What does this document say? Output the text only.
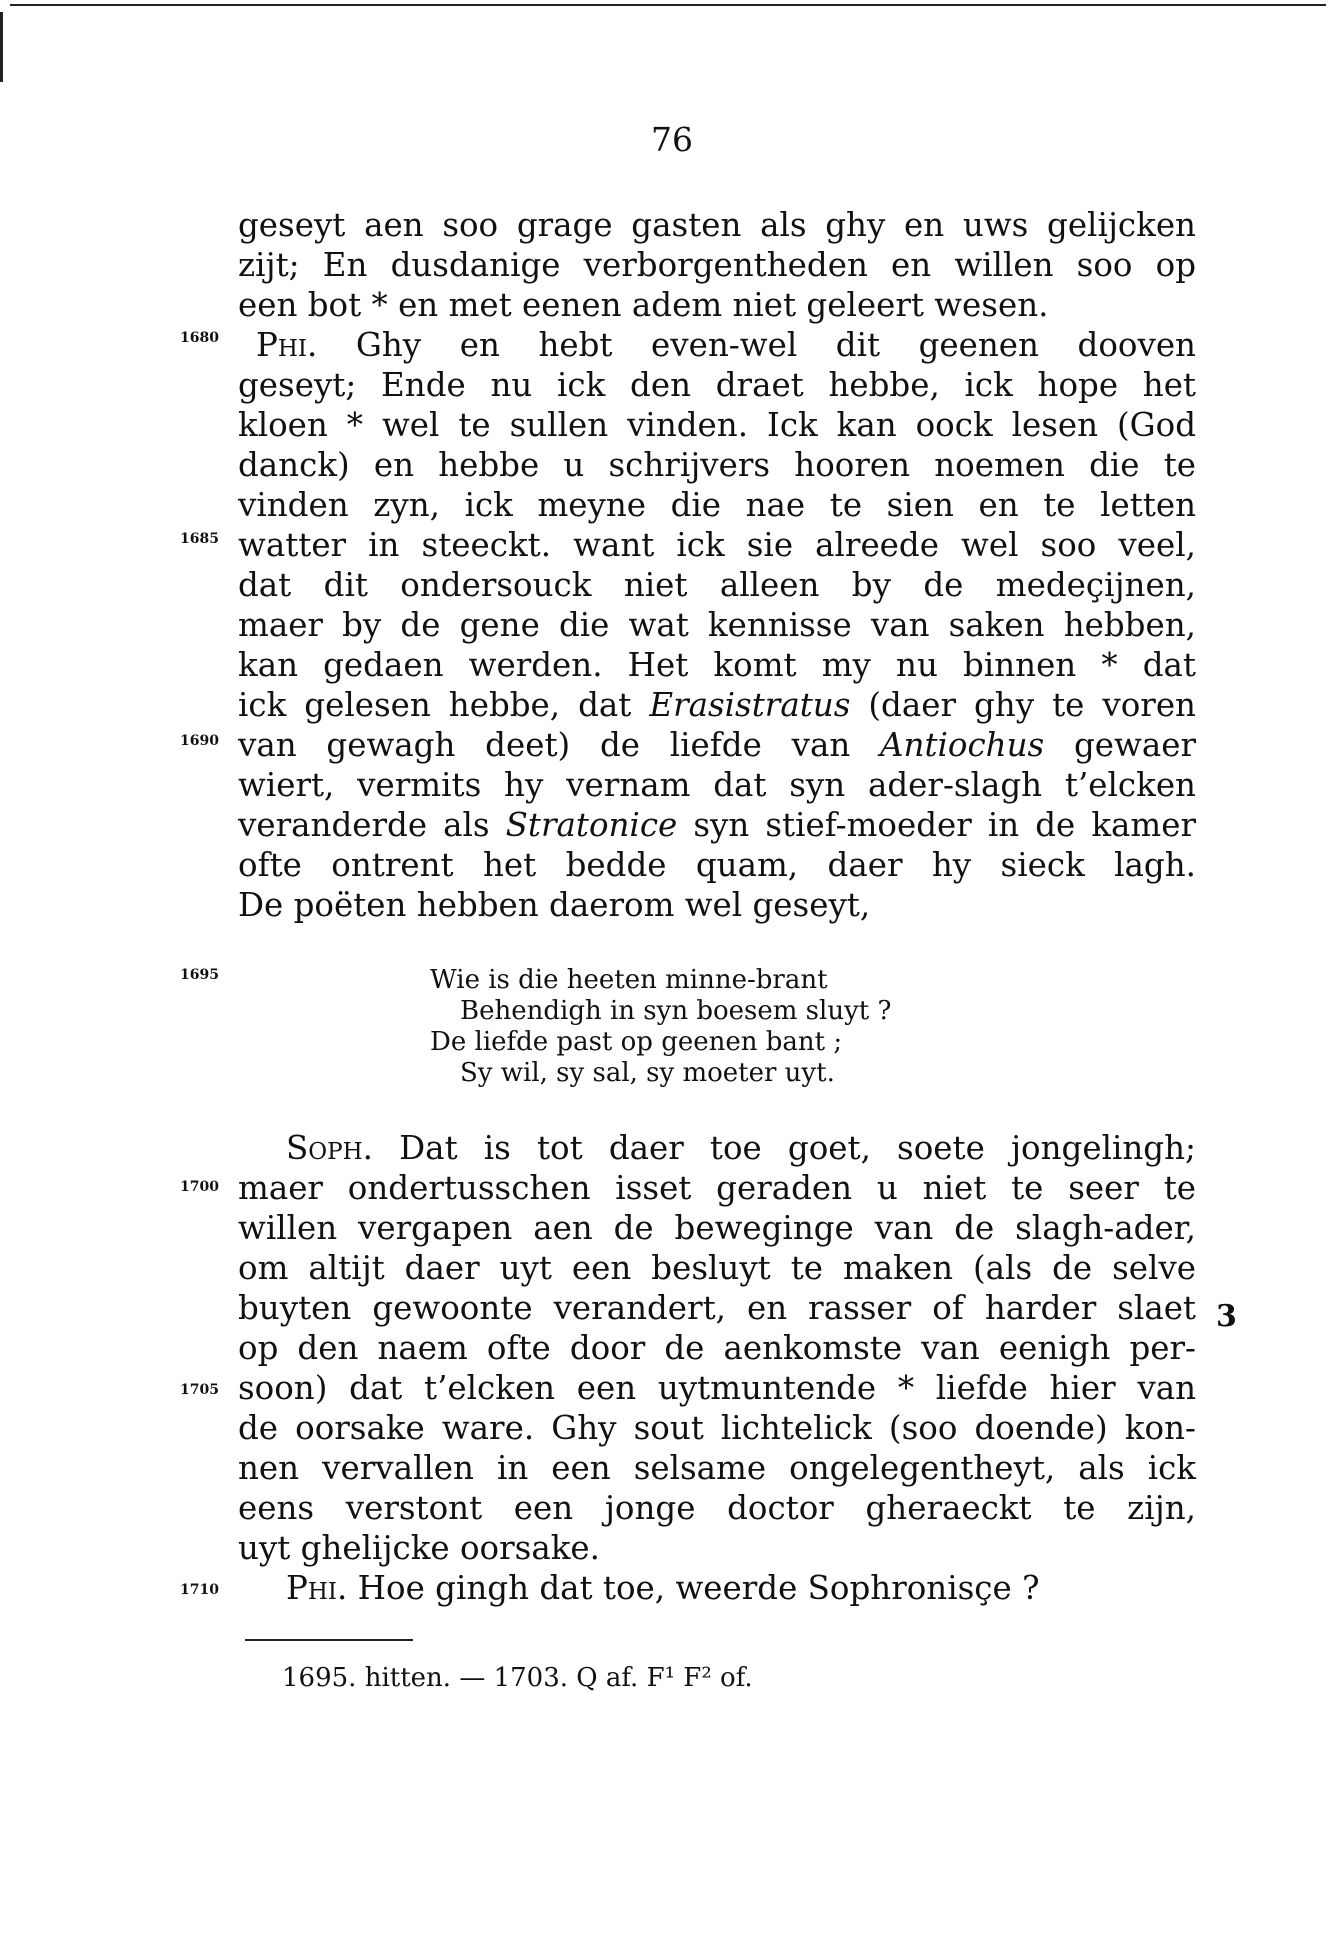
76
geseyt aen soo grage gasten als ghy en uws gelijcken
zijt; En dusdanige verborgentheden en willen soo op
een bot * en met eenen adem niet geleert wesen.
Phi. Ghy en hebt even-wel dit geenen dooven
geseyt; Ende nu ick den draet hebbe, ick hope het
kloen * wel te sullen vinden. Ick kan oock lesen (God
danck) en hebbe u schrijvers hooren noemen die te
vinden zyn, ick meyne die nae te sien en te letten
watter in steeckt. want ick sie alreede wel soo veel,
dat dit ondersouck niet alleen by de medeçijnen,
maer by de gene die wat kennisse van saken hebben,
kan gedaen werden. Het komt my nu binnen * dat
ick gelesen hebbe, dat Erasistratus (daer ghy te voren
van gewagh deet) de liefde van Antiochus gewaer
wiert, vermits hy vernam dat syn ader-slagh t’elcken
veranderde als Stratonice syn stief-moeder in de kamer
ofte ontrent het bedde quam, daer hy sieck lagh.
De poëten hebben daerom wel geseyt,
Wie is die heeten minne-brant
Behendigh in syn boesem sluyt ?
De liefde past op geenen bant ;
Sy wil, sy sal, sy moeter uyt.
Soph. Dat is tot daer toe goet, soete jongelingh;
maer ondertusschen isset geraden u niet te seer te
willen vergapen aen de beweginge van de slagh-ader,
om altijt daer uyt een besluyt te maken (als de selve
buyten gewoonte verandert, en rasser of harder slaet
op den naem ofte door de aenkomste van eenigh per-
soon) dat t’elcken een uytmuntende * liefde hier van
de oorsake ware. Ghy sout lichtelick (soo doende) kon-
nen vervallen in een selsame ongelegentheyt, als ick
eens verstont een jonge doctor gheraeckt te zijn,
uyt ghelijcke oorsake.
Phi. Hoe gingh dat toe, weerde Sophronisçe ?
1680
1685
1690
1695
1700
1705
1710
3
1695. hitten. — 1703. Q af. F¹ F² of.
